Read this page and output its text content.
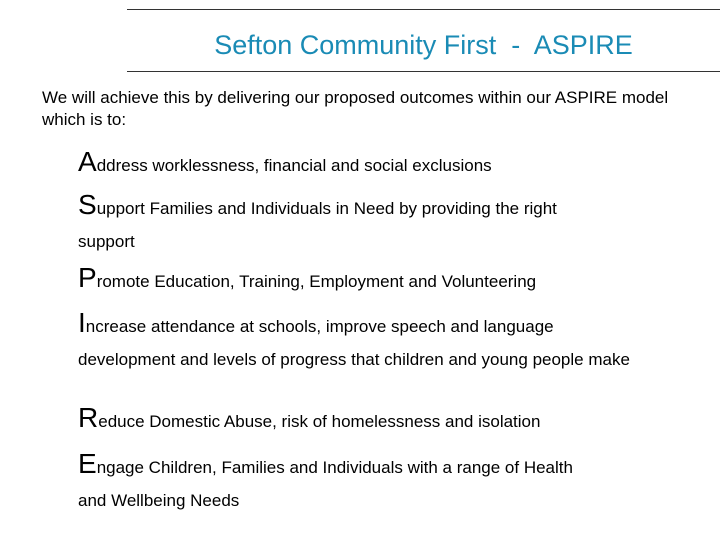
Sefton Community First  -  ASPIRE
We will achieve this by delivering our proposed outcomes within our ASPIRE model which is to:
Address worklessness, financial and social exclusions
Support Families and Individuals in Need by providing the right
support
Promote Education, Training, Employment and Volunteering
Increase attendance at schools, improve speech and language
development and levels of progress that children and young people make
Reduce Domestic Abuse, risk of homelessness and isolation
Engage Children, Families and Individuals with a range of Health
and Wellbeing Needs
